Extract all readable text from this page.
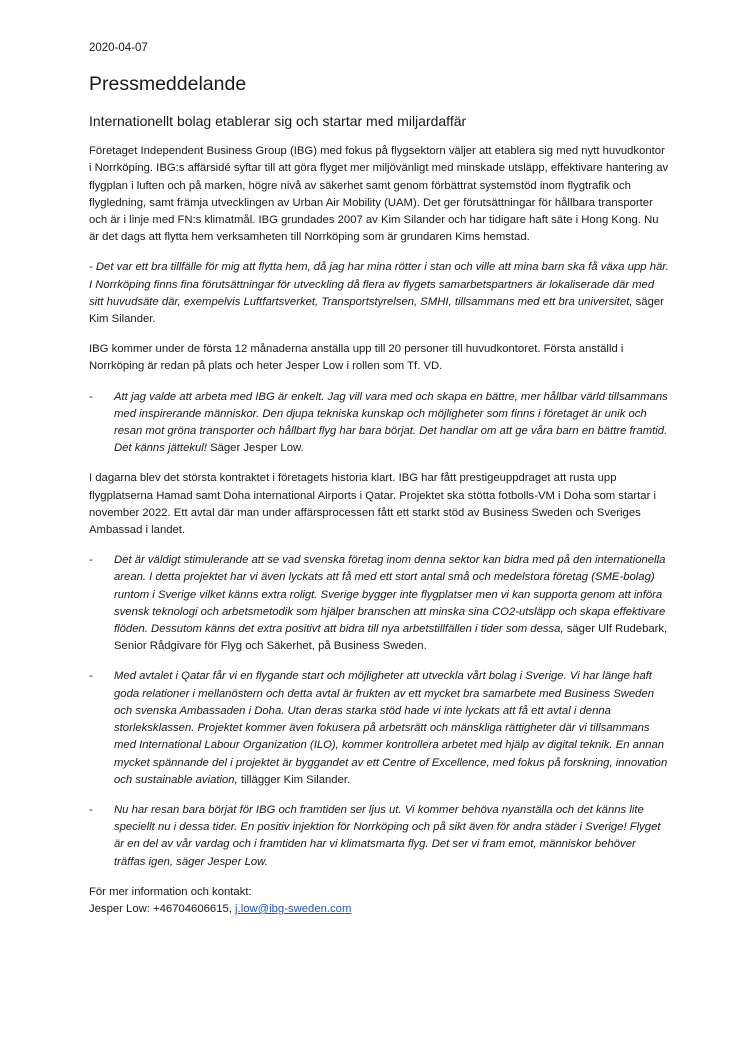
2020-04-07
Pressmeddelande
Internationellt bolag etablerar sig och startar med miljardaffär

Företaget Independent Business Group (IBG) med fokus på flygsektorn väljer att etablera sig med nytt huvudkontor i Norrköping. IBG:s affärsidé syftar till att göra flyget mer miljövänligt med minskade utsläpp, effektivare hantering av flygplan i luften och på marken, högre nivå av säkerhet samt genom förbättrat systemstöd inom flygtrafik och flygledning, samt främja utvecklingen av Urban Air Mobility (UAM). Det ger förutsättningar för hållbara transporter och är i linje med FN:s klimatmål. IBG grundades 2007 av Kim Silander och har tidigare haft säte i Hong Kong. Nu är det dags att flytta hem verksamheten till Norrköping som är grundaren Kims hemstad.

- Det var ett bra tillfälle för mig att flytta hem, då jag har mina rötter i stan och ville att mina barn ska få växa upp här. I Norrköping finns fina förutsättningar för utveckling då flera av flygets samarbetspartners är lokaliserade där med sitt huvudsäte där, exempelvis Luftfartsverket, Transportstyrelsen, SMHI, tillsammans med ett bra universitet, säger Kim Silander.

IBG kommer under de första 12 månaderna anställa upp till 20 personer till huvudkontoret. Första anställd i Norrköping är redan på plats och heter Jesper Low i rollen som Tf. VD.

-	Att jag valde att arbeta med IBG är enkelt. Jag vill vara med och skapa en bättre, mer hållbar värld tillsammans med inspirerande människor. Den djupa tekniska kunskap och möjligheter som finns i företaget är unik och resan mot gröna transporter och hållbart flyg har bara börjat. Det handlar om att ge våra barn en bättre framtid. Det känns jättekul! Säger Jesper Low.

I dagarna blev det största kontraktet i företagets historia klart. IBG har fått prestigeuppdraget att rusta upp flygplatserna Hamad samt Doha international Airports i Qatar. Projektet ska stötta fotbolls-VM i Doha som startar i november 2022. Ett avtal där man under affärsprocessen fått ett starkt stöd av Business Sweden och Sveriges Ambassad i landet.

-	Det är väldigt stimulerande att se vad svenska företag inom denna sektor kan bidra med på den internationella arean. I detta projektet har vi även lyckats att få med ett stort antal små och medelstora företag (SME-bolag) runtom i Sverige vilket känns extra roligt. Sverige bygger inte flygplatser men vi kan supporta genom att införa svensk teknologi och arbetsmetodik som hjälper branschen att minska sina CO2-utsläpp och skapa effektivare flöden. Dessutom känns det extra positivt att bidra till nya arbetstillfällen i tider som dessa, säger Ulf Rudebark, Senior Rådgivare för Flyg och Säkerhet, på Business Sweden.
-	Med avtalet i Qatar får vi en flygande start och möjligheter att utveckla vårt bolag i Sverige. Vi har länge haft goda relationer i mellanöstern och detta avtal är frukten av ett mycket bra samarbete med Business Sweden och svenska Ambassaden i Doha. Utan deras starka stöd hade vi inte lyckats att få ett avtal i denna storleksklassen. Projektet kommer även fokusera på arbetsrätt och mänskliga rättigheter där vi tillsammans med International Labour Organization (ILO), kommer kontrollera arbetet med hjälp av digital teknik. En annan mycket spännande del i projektet är byggandet av ett Centre of Excellence, med fokus på forskning, innovation och sustainable aviation, tillägger Kim Silander.
-	Nu har resan bara börjat för IBG och framtiden ser ljus ut. Vi kommer behöva nyanställa och det känns lite speciellt nu i dessa tider. En positiv injektion för Norrköping och på sikt även för andra städer i Sverige! Flyget är en del av vår vardag och i framtiden har vi klimatsmarta flyg. Det ser vi fram emot, människor behöver träffas igen, säger Jesper Low.

För mer information och kontakt:

Jesper Low: +46704606615, j.low@ibg-sweden.com
